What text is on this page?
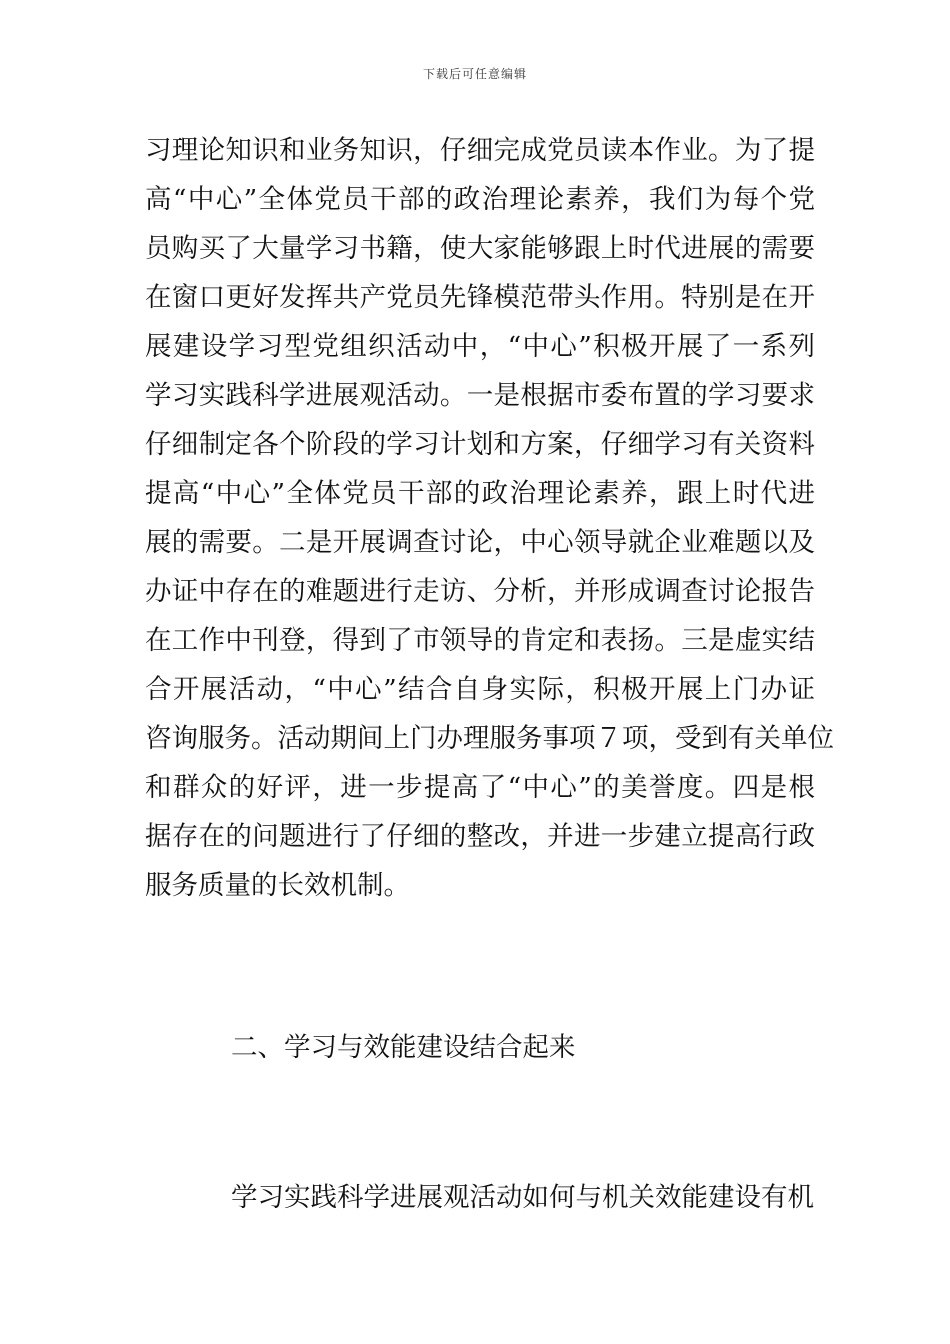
下载后可任意编辑
习理论知识和业务知识，仔细完成党员读本作业。为了提
高“中心”全体党员干部的政治理论素养，我们为每个党
员购买了大量学习书籍，使大家能够跟上时代进展的需要
在窗口更好发挥共产党员先锋模范带头作用。特别是在开
展建设学习型党组织活动中，“中心”积极开展了一系列
学习实践科学进展观活动。一是根据市委布置的学习要求
仔细制定各个阶段的学习计划和方案，仔细学习有关资料
提高“中心”全体党员干部的政治理论素养，跟上时代进
展的需要。二是开展调查讨论，中心领导就企业难题以及
办证中存在的难题进行走访、分析，并形成调查讨论报告
在工作中刊登，得到了市领导的肯定和表扬。三是虚实结
合开展活动，“中心”结合自身实际，积极开展上门办证
咨询服务。活动期间上门办理服务事项７项，受到有关单位
和群众的好评，进一步提高了“中心”的美誉度。四是根
据存在的问题进行了仔细的整改，并进一步建立提高行政
服务质量的长效机制。
二、学习与效能建设结合起来
学习实践科学进展观活动如何与机关效能建设有机
